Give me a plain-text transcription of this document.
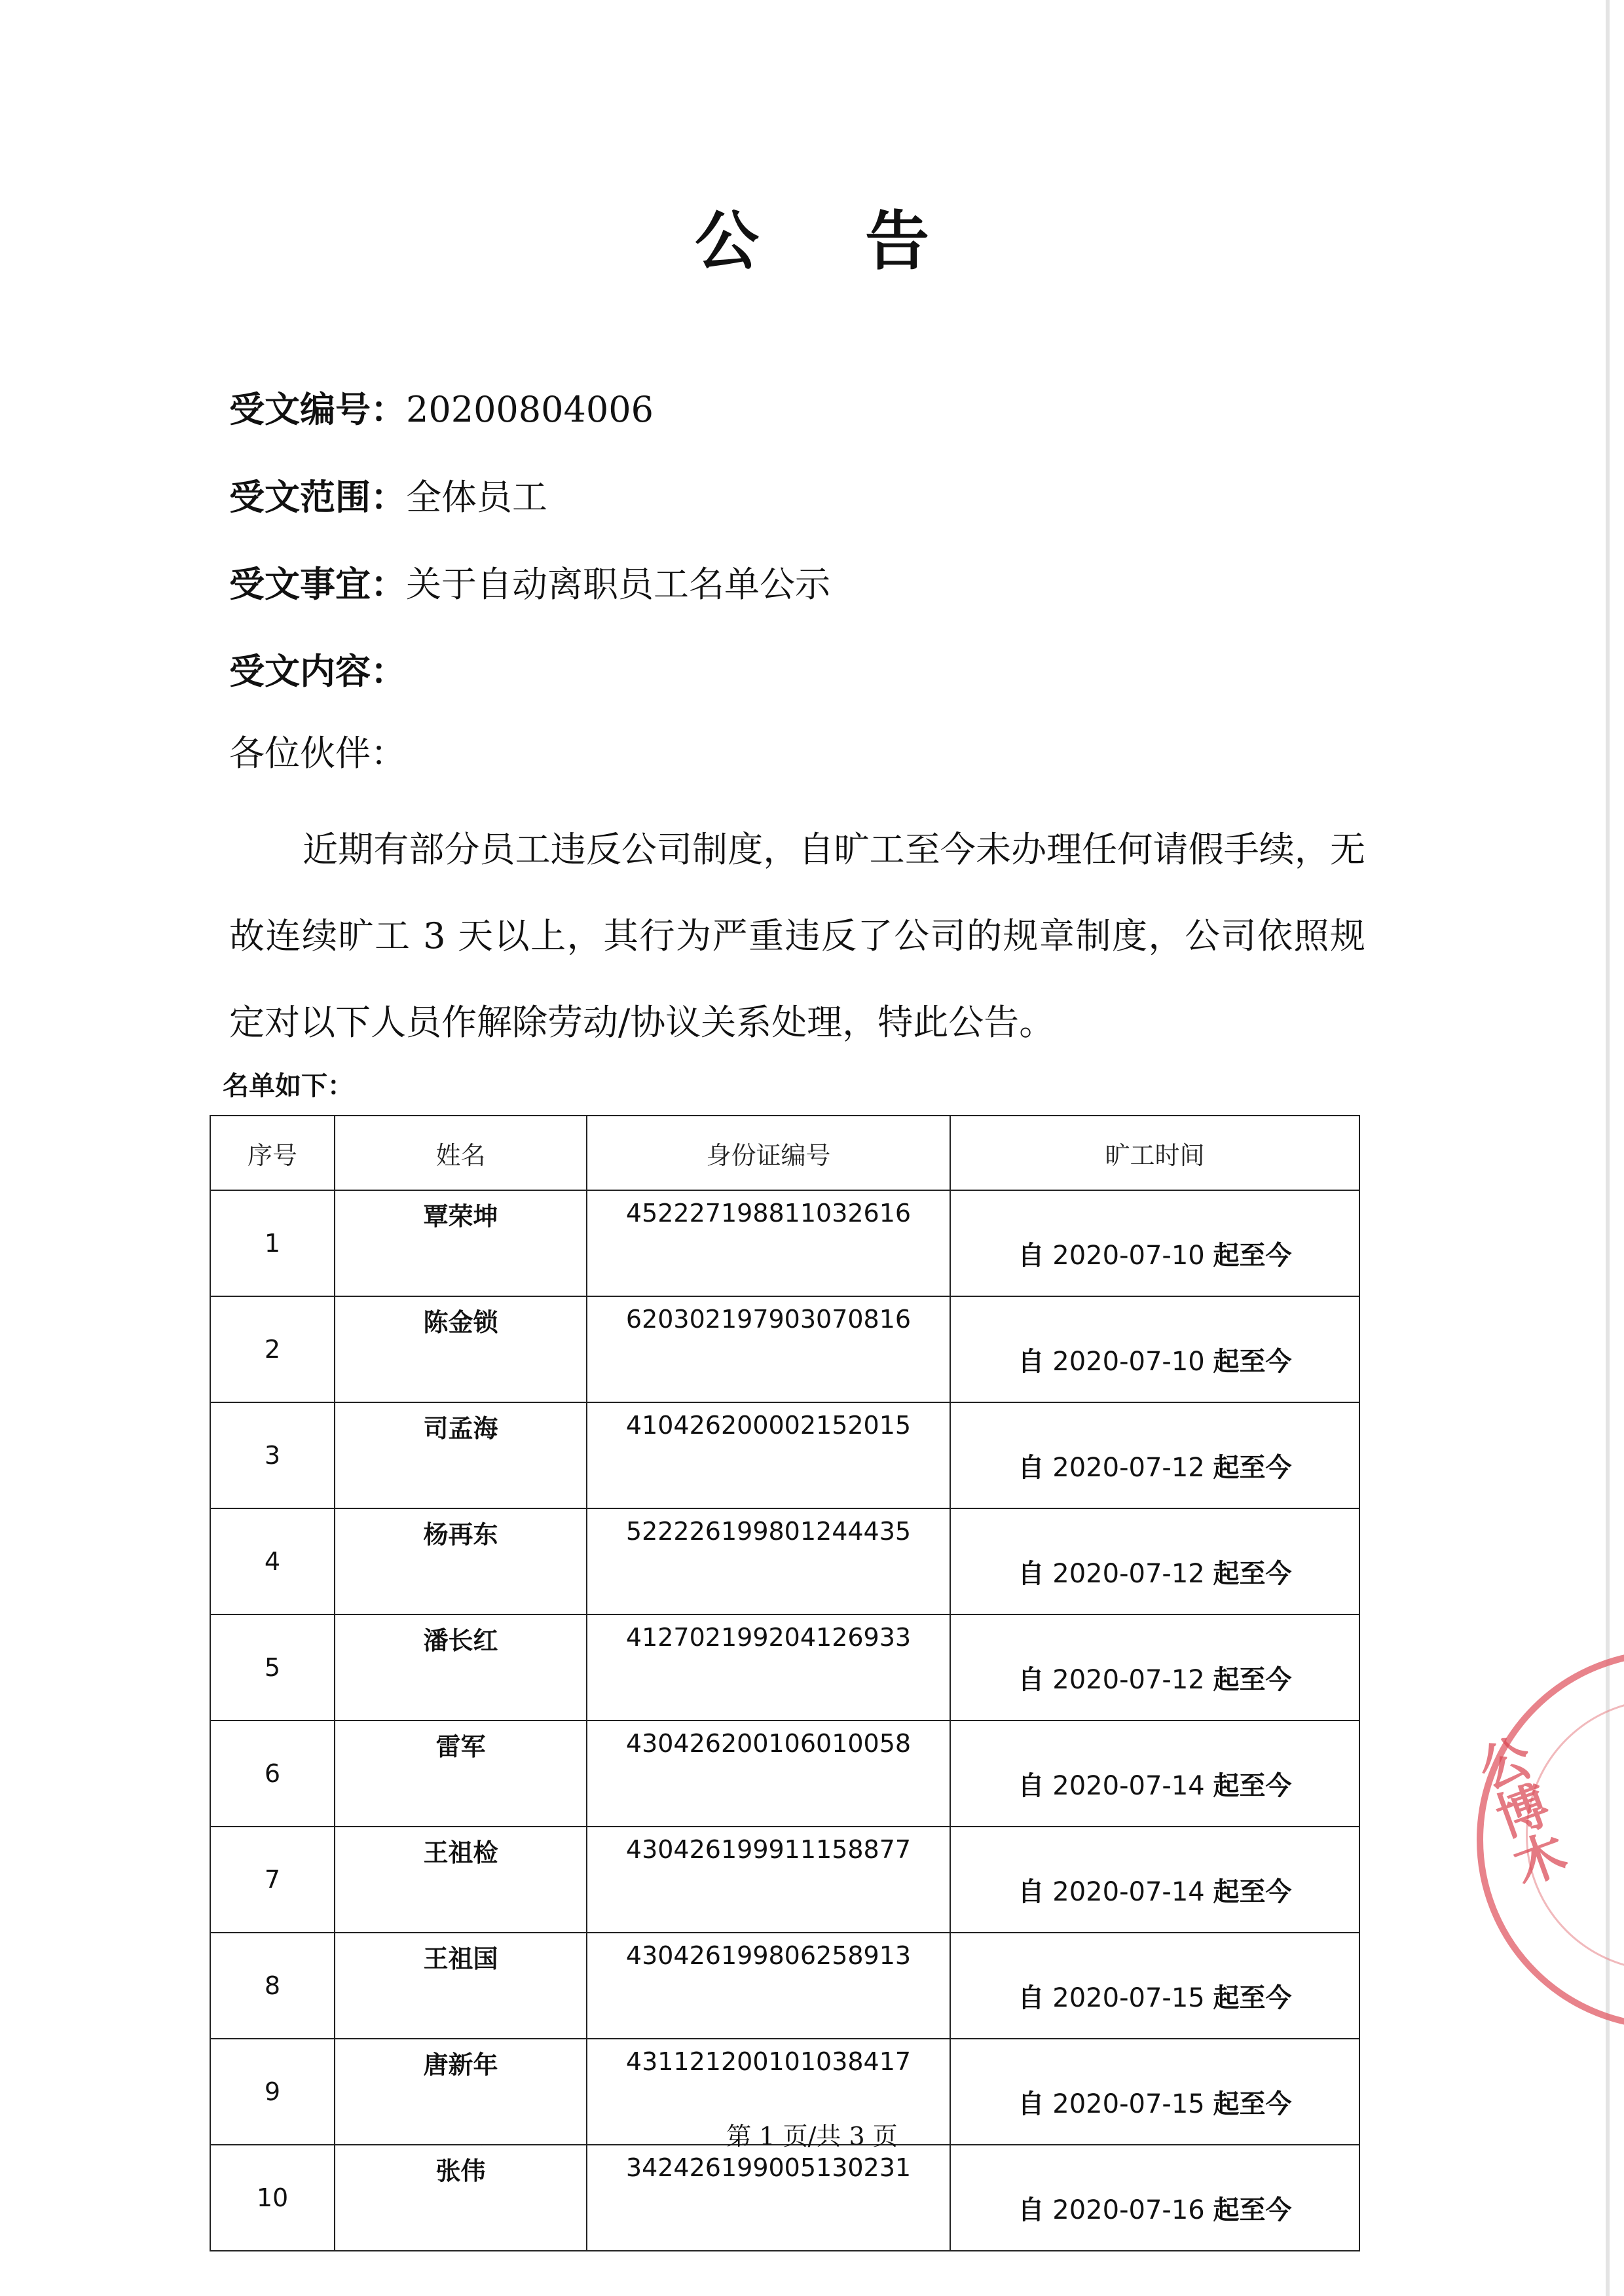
公 告
受文编号：20200804006
受文范围：全体员工
受文事宜：关于自动离职员工名单公示
受文内容：
各位伙伴：
近期有部分员工违反公司制度，自旷工至今未办理任何请假手续，无故连续旷工 3 天以上，其行为严重违反了公司的规章制度，公司依照规定对以下人员作解除劳动/协议关系处理，特此公告。
名单如下：
序号	姓名	身份证编号	旷工时间
1	覃荣坤	452227198811032616	自 2020-07-10 起至今
2	陈金锁	620302197903070816	自 2020-07-10 起至今
3	司孟海	410426200002152015	自 2020-07-12 起至今
4	杨再东	522226199801244435	自 2020-07-12 起至今
5	潘长红	412702199204126933	自 2020-07-12 起至今
6	雷军	430426200106010058	自 2020-07-14 起至今
7	王祖检	430426199911158877	自 2020-07-14 起至今
8	王祖国	430426199806258913	自 2020-07-15 起至今
9	唐新年	431121200101038417	自 2020-07-15 起至今
10	张伟	342426199005130231	自 2020-07-16 起至今
第 1 页/共 3 页
公博木
